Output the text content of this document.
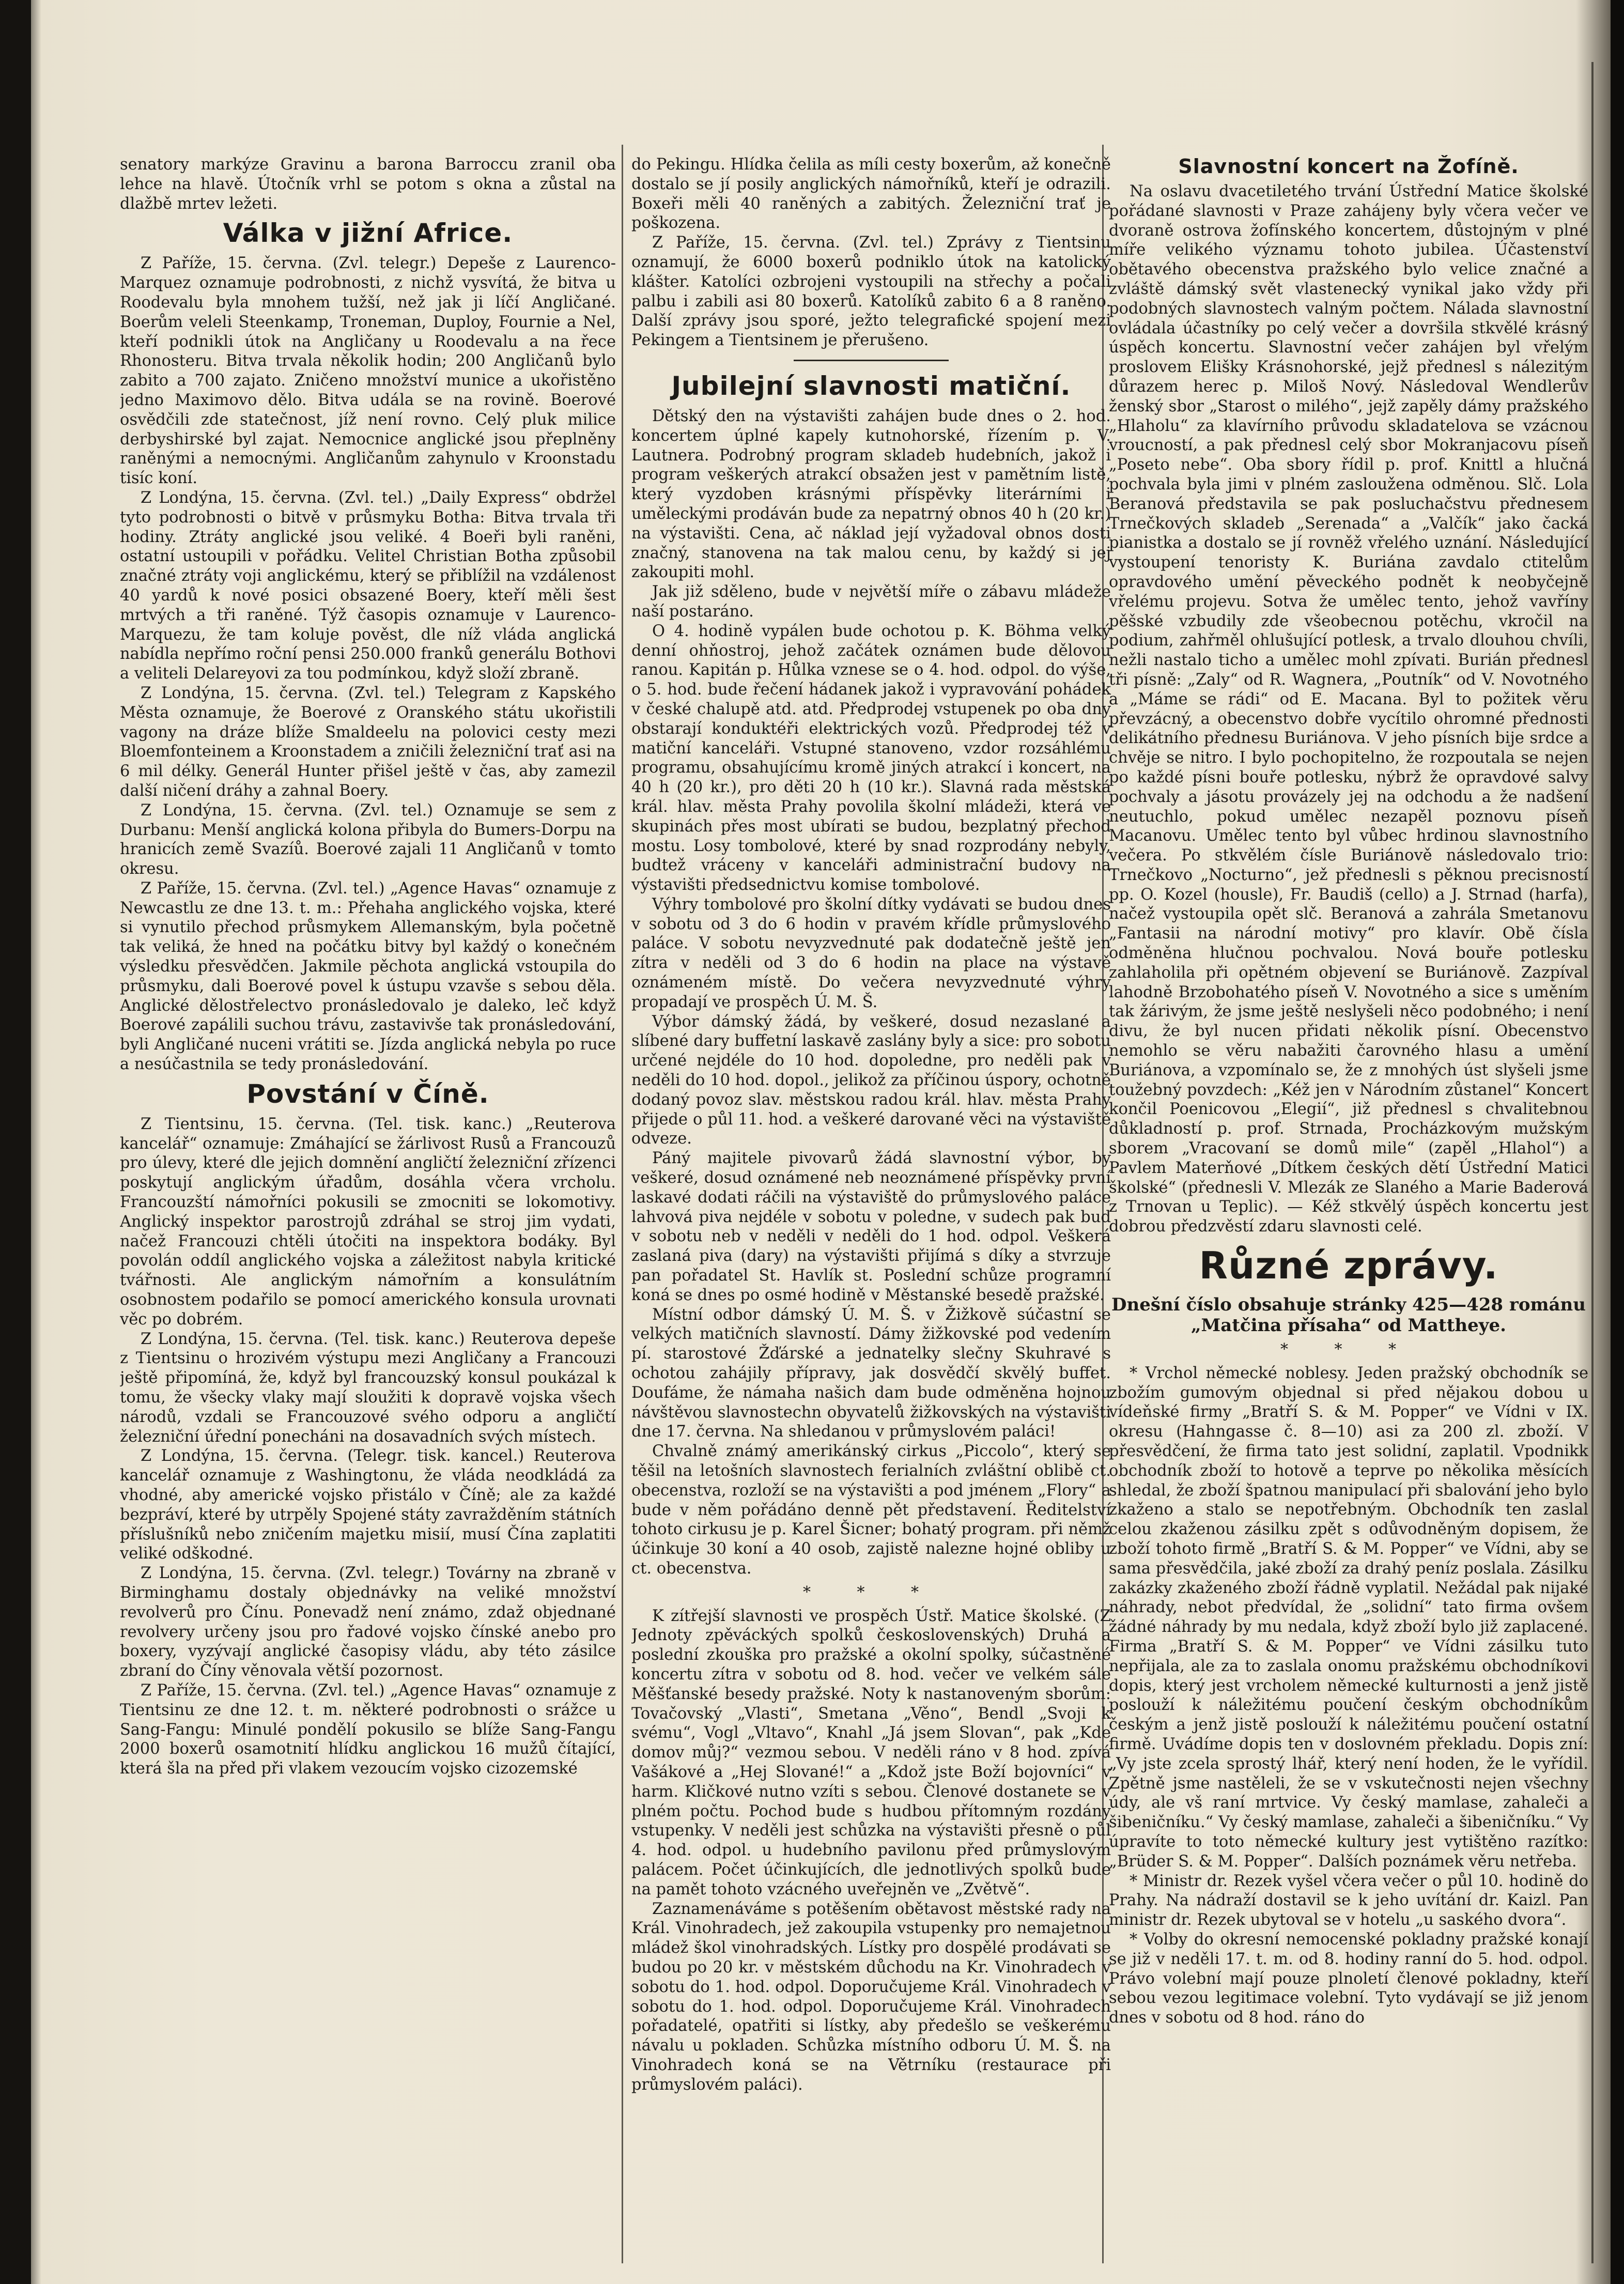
senatory markýze Gravinu a barona Barroccu zranil oba lehce na hlavě. Útočník vrhl se potom s okna a zůstal na dlažbě mrtev ležeti.

Válka v jižní Africe.

Z Paříže, 15. června. (Zvl. telegr.) Depeše z Laurenco-Marquez oznamuje podrobnosti, z nichž vysvítá, že bitva u Roodevalu byla mnohem tužší, než jak ji líčí Angličané. Boerům veleli Steenkamp, Troneman, Duploy, Fournie a Nel, kteří podnikli útok na Angličany u Roodevalu a na řece Rhonosteru. Bitva trvala několik hodin; 200 Angličanů bylo zabito a 700 zajato. Zničeno množství munice a ukořistěno jedno Maximovo dělo. Bitva udála se na rovině. Boerové osvědčili zde statečnost, jíž není rovno. Celý pluk milice derbyshirské byl zajat. Nemocnice anglické jsou přeplněny raněnými a nemocnými. Angličanům zahynulo v Kroonstadu tisíc koní.

Z Londýna, 15. června. (Zvl. tel.) „Daily Express“ obdržel tyto podrobnosti o bitvě v průsmyku Botha: Bitva trvala tři hodiny. Ztráty anglické jsou veliké. 4 Boeři byli raněni, ostatní ustoupili v pořádku. Velitel Christian Botha způsobil značné ztráty voji anglickému, který se přiblížil na vzdálenost 40 yardů k nové posici obsazené Boery, kteří měli šest mrtvých a tři raněné. Týž časopis oznamuje v Laurenco-Marquezu, že tam koluje pověst, dle níž vláda anglická nabídla nepřímo roční pensi 250.000 franků generálu Bothovi a veliteli Delareyovi za tou podmínkou, když složí zbraně.

Z Londýna, 15. června. (Zvl. tel.) Telegram z Kapského Města oznamuje, že Boerové z Oranského státu ukořistili vagony na dráze blíže Smaldeelu na polovici cesty mezi Bloemfonteinem a Kroonstadem a zničili železniční trať asi na 6 mil délky. Generál Hunter přišel ještě v čas, aby zamezil další ničení dráhy a zahnal Boery.

Z Londýna, 15. června. (Zvl. tel.) Oznamuje se sem z Durbanu: Menší anglická kolona přibyla do Bumers-Dorpu na hranicích země Svazíů. Boerové zajali 11 Angličanů v tomto okresu.

Z Paříže, 15. června. (Zvl. tel.) „Agence Havas“ oznamuje z Newcastlu ze dne 13. t. m.: Přehaha anglického vojska, které si vynutilo přechod průsmykem Allemanským, byla početně tak veliká, že hned na počátku bitvy byl každý o konečném výsledku přesvědčen. Jakmile pěchota anglická vstoupila do průsmyku, dali Boerové povel k ústupu vzavše s sebou děla. Anglické dělostřelectvo pronásledovalo je daleko, leč když Boerové zapálili suchou trávu, zastavivše tak pronásledování, byli Angličané nuceni vrátiti se. Jízda anglická nebyla po ruce a nesúčastnila se tedy pronásledování.

Povstání v Číně.

Z Tientsinu, 15. června. (Tel. tisk. kanc.) „Reuterova kancelář“ oznamuje: Zmáhající se žárlivost Rusů a Francouzů pro úlevy, které dle jejich domnění angličtí železniční zřízenci poskytují anglickým úřadům, dosáhla včera vrcholu. Francouzští námořníci pokusili se zmocniti se lokomotivy. Anglický inspektor parostrojů zdráhal se stroj jim vydati, načež Francouzi chtěli útočiti na inspektora bodáky. Byl povolán oddíl anglického vojska a záležitost nabyla kritické tvářnosti. Ale anglickým námořním a konsulátním osobnostem podařilo se pomocí amerického konsula urovnati věc po dobrém.

Z Londýna, 15. června. (Tel. tisk. kanc.) Reuterova depeše z Tientsinu o hrozivém výstupu mezi Angličany a Francouzi ještě připomíná, že, když byl francouzský konsul poukázal k tomu, že všecky vlaky mají sloužiti k dopravě vojska všech národů, vzdali se Francouzové svého odporu a angličtí železniční úřední ponecháni na dosavadních svých místech.

Z Londýna, 15. června. (Telegr. tisk. kancel.) Reuterova kancelář oznamuje z Washingtonu, že vláda neodkládá za vhodné, aby americké vojsko přistálo v Číně; ale za každé bezpráví, které by utrpěly Spojené státy zavražděním státních příslušníků nebo zničením majetku misií, musí Čína zaplatiti veliké odškodné.

Z Londýna, 15. června. (Zvl. telegr.) Továrny na zbraně v Birminghamu dostaly objednávky na veliké množství revolverů pro Čínu. Ponevadž není známo, zdaž objednané revolvery určeny jsou pro řadové vojsko čínské anebo pro boxery, vyzývají anglické časopisy vládu, aby této zásilce zbraní do Číny věnovala větší pozornost.

Z Paříže, 15. června. (Zvl. tel.) „Agence Havas“ oznamuje z Tientsinu ze dne 12. t. m. některé podrobnosti o srážce u Sang-Fangu: Minulé pondělí pokusilo se blíže Sang-Fangu 2000 boxerů osamotnití hlídku anglickou 16 mužů čítající, která šla na před při vlakem vezoucím vojsko cizozemské

do Pekingu. Hlídka čelila as míli cesty boxerům, až konečně dostalo se jí posily anglických námořníků, kteří je odrazili. Boxeři měli 40 raněných a zabitých. Železniční trať je poškozena.

Z Paříže, 15. června. (Zvl. tel.) Zprávy z Tientsinu oznamují, že 6000 boxerů podniklo útok na katolický klášter. Katolíci ozbrojeni vystoupili na střechy a počali palbu i zabili asi 80 boxerů. Katolíků zabito 6 a 8 raněno. Další zprávy jsou sporé, ježto telegrafické spojení mezi Pekingem a Tientsinem je přerušeno.

Jubilejní slavnosti matiční.

Dětský den na výstavišti zahájen bude dnes o 2. hod. koncertem úplné kapely kutnohorské, řízením p. V. Lautnera. Podrobný program skladeb hudebních, jakož i program veškerých atrakcí obsažen jest v pamětním listě, který vyzdoben krásnými příspěvky literárními i uměleckými prodáván bude za nepatrný obnos 40 h (20 kr.) na výstavišti. Cena, ač náklad její vyžadoval obnos dosti značný, stanovena na tak malou cenu, by každý si jej zakoupiti mohl.

Jak již sděleno, bude v největší míře o zábavu mládeže naší postaráno.

O 4. hodině vypálen bude ochotou p. K. Böhma velký denní ohňostroj, jehož začátek oznámen bude dělovou ranou. Kapitán p. Hůlka vznese se o 4. hod. odpol. do výše, o 5. hod. bude řečení hádanek jakož i vypravování pohádek v české chalupě atd. atd. Předprodej vstupenek po oba dny obstarají konduktéři elektrických vozů. Předprodej též v matiční kanceláři. Vstupné stanoveno, vzdor rozsáhlému programu, obsahujícímu kromě jiných atrakcí i koncert, na 40 h (20 kr.), pro děti 20 h (10 kr.). Slavná rada městská král. hlav. města Prahy povolila školní mládeži, která ve skupinách přes most ubírati se budou, bezplatný přechod mostu. Losy tombolové, které by snad rozprodány nebyly, budtež vráceny v kanceláři administrační budovy na výstavišti předsednictvu komise tombolové.

Výhry tombolové pro školní dítky vydávati se budou dnes v sobotu od 3 do 6 hodin v pravém křídle průmyslového paláce. V sobotu nevyzvednuté pak dodatečně ještě jen zítra v neděli od 3 do 6 hodin na place na výstavě oznámeném místě. Do večera nevyzvednuté výhry propadají ve prospěch Ú. M. Š.

Výbor dámský žádá, by veškeré, dosud nezaslané a slíbené dary buffetní laskavě zaslány byly a sice: pro sobotu určené nejdéle do 10 hod. dopoledne, pro neděli pak v neděli do 10 hod. dopol., jelikož za příčinou úspory, ochotně dodaný povoz slav. městskou radou král. hlav. města Prahy přijede o půl 11. hod. a veškeré darované věci na výstaviště odveze.

Páný majitele pivovarů žádá slavnostní výbor, by veškeré, dosud oznámené neb neoznámené příspěvky první laskavé dodati ráčili na výstaviště do průmyslového paláce lahvová piva nejdéle v sobotu v poledne, v sudech pak bud v sobotu neb v neděli v neděli do 1 hod. odpol. Veškerá zaslaná piva (dary) na výstavišti přijímá s díky a stvrzuje pan pořadatel St. Havlík st. Poslední schůze programní koná se dnes po osmé hodině v Městanské besedě pražské.

Místní odbor dámský Ú. M. Š. v Žižkově súčastní se velkých matičních slavností. Dámy žižkovské pod vedením pí. starostové Žďárské a jednatelky slečny Skuhravé s ochotou zahájily přípravy, jak dosvědčí skvělý buffet. Doufáme, že námaha našich dam bude odměněna hojnou návštěvou slavnostechn obyvatelů žižkovských na výstavišti dne 17. června. Na shledanou v průmyslovém paláci!

Chvalně známý amerikánský cirkus „Piccolo“, který se těšil na letošních slavnostech ferialních zvláštní oblibě ct. obecenstva, rozloží se na výstavišti a pod jménem „Flory“ a bude v něm pořádáno denně pět představení. Ředitelství tohoto cirkusu je p. Karel Šicner; bohatý program. při němž účinkuje 30 koní a 40 osob, zajistě nalezne hojné obliby u ct. obecenstva.

* * *

K zítřejší slavnosti ve prospěch Ústř. Matice školské. (Z Jednoty zpěváckých spolků československých) Druhá a poslední zkouška pro pražské a okolní spolky, súčastněné koncertu zítra v sobotu od 8. hod. večer ve velkém sále Měšťanské besedy pražské. Noty k nastanoveným sborům: Tovačovský „Vlasti“, Smetana „Věno“, Bendl „Svoji k svému“, Vogl „Vltavo“, Knahl „Já jsem Slovan“, pak „Kde domov můj?“ vezmou sebou. V neděli ráno v 8 hod. zpívá Vašákové a „Hej Slované!“ a „Kdož jste Boží bojovníci“ v harm. Kličkové nutno vzíti s sebou. Členové dostanete se v plném počtu. Pochod bude s hudbou přítomným rozdány vstupenky. V neděli jest schůzka na výstavišti přesně o půl 4. hod. odpol. u hudebního pavilonu před průmyslovým palácem. Počet účinkujících, dle jednotlivých spolků bude na pamět tohoto vzácného uveřejněn ve „Zvětvě“.

Zaznamenáváme s potěšením obětavost městské rady na Král. Vinohradech, jež zakoupila vstupenky pro nemajetnou mládež škol vinohradských. Lístky pro dospělé prodávati se budou po 20 kr. v městském důchodu na Kr. Vinohradech v sobotu do 1. hod. odpol. Doporučujeme Král. Vinohradech v sobotu do 1. hod. odpol. Doporučujeme Král. Vinohradech pořadatelé, opatřiti si lístky, aby předešlo se veškerému návalu u pokladen. Schůzka místního odboru Ú. M. Š. na Vinohradech koná se na Větrníku (restaurace při průmyslovém paláci).

Slavnostní koncert na Žofíně.

Na oslavu dvacetiletého trvání Ústřední Matice školské pořádané slavnosti v Praze zahájeny byly včera večer ve dvoraně ostrova žofínského koncertem, důstojným v plné míře velikého významu tohoto jubilea. Účastenství obětavého obecenstva pražského bylo velice značné a zvláště dámský svět vlastenecký vynikal jako vždy při podobných slavnostech valným počtem. Nálada slavnostní ovládala účastníky po celý večer a dovršila stkvělé krásný úspěch koncertu. Slavnostní večer zahájen byl vřelým proslovem Elišky Krásnohorské, jejž přednesl s nálezitým důrazem herec p. Miloš Nový. Následoval Wendlerův ženský sbor „Starost o milého“, jejž zapěly dámy pražského „Hlaholu“ za klavírního průvodu skladatelova se vzácnou vroucností, a pak přednesl celý sbor Mokranjacovu píseň „Poseto nebe“. Oba sbory řídil p. prof. Knittl a hlučná pochvala byla jimi v plném zasloužena odměnou. Slč. Lola Beranová představila se pak posluchačstvu přednesem Trnečkových skladeb „Serenada“ a „Valčík“ jako čacká pianistka a dostalo se jí rovněž vřelého uznání. Následující vystoupení tenoristy K. Buriána zavdalo ctitelům opravdového umění pěveckého podnět k neobyčejně vřelému projevu. Sotva že umělec tento, jehož vavříny pěšské vzbudily zde všeobecnou potěchu, vkročil na podium, zahřměl ohlušující potlesk, a trvalo dlouhou chvíli, nežli nastalo ticho a umělec mohl zpívati. Burián přednesl tři písně: „Zaly“ od R. Wagnera, „Poutník“ od V. Novotného a „Máme se rádi“ od E. Macana. Byl to požitek věru převzácný, a obecenstvo dobře vycítilo ohromné přednosti delikátního přednesu Buriánova. V jeho písních bije srdce a chvěje se nitro. I bylo pochopitelno, že rozpoutala se nejen po každé písni bouře potlesku, nýbrž že opravdové salvy pochvaly a jásotu provázely jej na odchodu a že nadšení neutuchlo, pokud umělec nezapěl poznovu píseň Macanovu. Umělec tento byl vůbec hrdinou slavnostního večera. Po stkvělém čísle Buriánově následovalo trio: Trnečkovo „Nocturno“, jež přednesli s pěknou precisností pp. O. Kozel (housle), Fr. Baudiš (cello) a J. Strnad (harfa), načež vystoupila opět slč. Beranová a zahrála Smetanovu „Fantasii na národní motivy“ pro klavír. Obě čísla odměněna hlučnou pochvalou. Nová bouře potlesku zahlaholila při opětném objevení se Buriánově. Zazpíval lahodně Brzobohatého píseň V. Novotného a sice s uměním tak žárivým, že jsme ještě neslyšeli něco podobného; i není divu, že byl nucen přidati několik písní. Obecenstvo nemohlo se věru nabažiti čarovného hlasu a umění Buriánova, a vzpomínalo se, že z mnohých úst slyšeli jsme toužebný povzdech: „Kéž jen v Národním zůstanel“ Koncert končil Poenicovou „Elegií“, již přednesl s chvalitebnou důkladností p. prof. Strnada, Procházkovým mužským sborem „Vracovaní se domů mile“ (zapěl „Hlahol“) a Pavlem Materňové „Dítkem českých dětí Ústřední Matici školské“ (přednesli V. Mlezák ze Slaného a Marie Baderová z Trnovan u Teplic). — Kéž stkvělý úspěch koncertu jest dobrou předzvěstí zdaru slavnosti celé.

Různé zprávy.

Dnešní číslo obsahuje stránky 425—428 románu „Matčina přísaha“ od Mattheye.

* * *

* Vrchol německé noblesy. Jeden pražský obchodník se zbožím gumovým objednal si před nějakou dobou u vídeňské firmy „Bratří S. & M. Popper“ ve Vídni v IX. okresu (Hahngasse č. 8—10) asi za 200 zl. zboží. V přesvědčení, že firma tato jest solidní, zaplatil. Vpodnikk obchodník zboží to hotově a teprve po několika měsících shledal, že zboží špatnou manipulací při sbalování jeho bylo zkaženo a stalo se nepotřebným. Obchodník ten zaslal celou zkaženou zásilku zpět s odůvodněným dopisem, že zboží tohoto firmě „Bratří S. & M. Popper“ ve Vídni, aby se sama přesvědčila, jaké zboží za drahý peníz poslala. Zásilku zakázky zkaženého zboží řádně vyplatil. Nežádal pak nijaké náhrady, nebot předvídal, že „solidní“ tato firma ovšem žádné náhrady by mu nedala, když zboží bylo již zaplacené. Firma „Bratří S. & M. Popper“ ve Vídni zásilku tuto nepřijala, ale za to zaslala onomu pražskému obchodníkovi dopis, který jest vrcholem německé kulturnosti a jenž jistě poslouží k náležitému poučení českým obchodníkům českým a jenž jistě poslouží k náležitému poučení ostatní firmě. Uvádíme dopis ten v doslovném překladu. Dopis zní: „Vy jste zcela sprostý lhář, který není hoden, že le vyřídil. Zpětně jsme nastěleli, že se v vskutečnosti nejen všechny údy, ale vš raní mrtvice. Vy český mamlase, zahaleči a šibeničníku.“ Vy český mamlase, zahaleči a šibeničníku.“ Vy úpravíte to toto německé kultury jest vytištěno razítko: „Brüder S. & M. Popper“. Dalších poznámek věru netřeba.

* Ministr dr. Rezek vyšel včera večer o půl 10. hodině do Prahy. Na nádraží dostavil se k jeho uvítání dr. Kaizl. Pan ministr dr. Rezek ubytoval se v hotelu „u saského dvora“.

* Volby do okresní nemocenské pokladny pražské konají se již v neděli 17. t. m. od 8. hodiny ranní do 5. hod. odpol. Právo volební mají pouze plnoletí členové pokladny, kteří sebou vezou legitimace volební. Tyto vydávají se již jenom dnes v sobotu od 8 hod. ráno do
